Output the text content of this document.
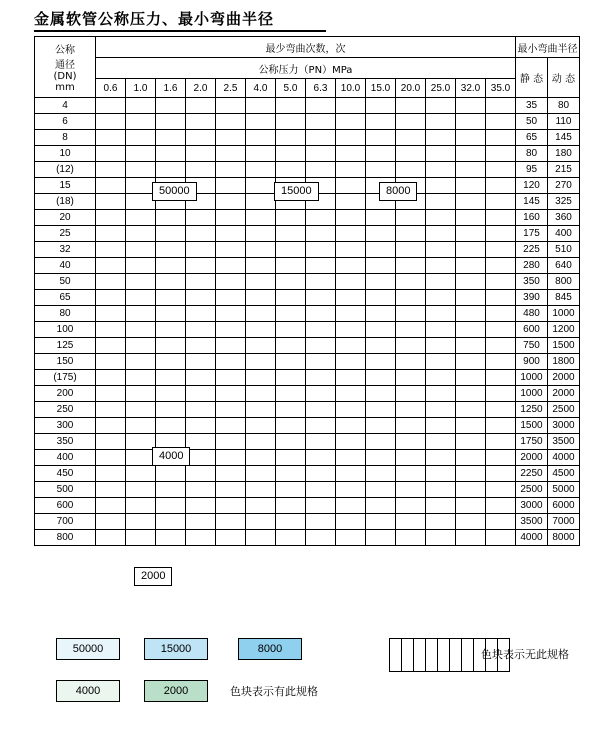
金属软管公称压力、最小弯曲半径
公称
通径
(DN)
mm	最少弯曲次数，次														最小弯曲半径	
	公称压力（PN）MPa														静 态	动 态
	0.6	1.0	1.6	2.0	2.5	4.0	5.0	6.3	10.0	15.0	20.0	25.0	32.0	35.0		
4															35	80
6															50	110
8															65	145
10															80	180
(12)															95	215
15															120	270
(18)															145	325
20															160	360
25															175	400
32															225	510
40															280	640
50															350	800
65															390	845
80															480	1000
100															600	1200
125															750	1500
150															900	1800
(175)															1000	2000
200															1000	2000
250															1250	2500
300															1500	3000
350															1750	3500
400															2000	4000
450															2250	4500
500															2500	5000
600															3000	6000
700															3500	7000
800															4000	8000
50000	15000	8000
4000
2000
50000	15000	8000
										色块表示无此规格
4000	2000	色块表示有此规格
